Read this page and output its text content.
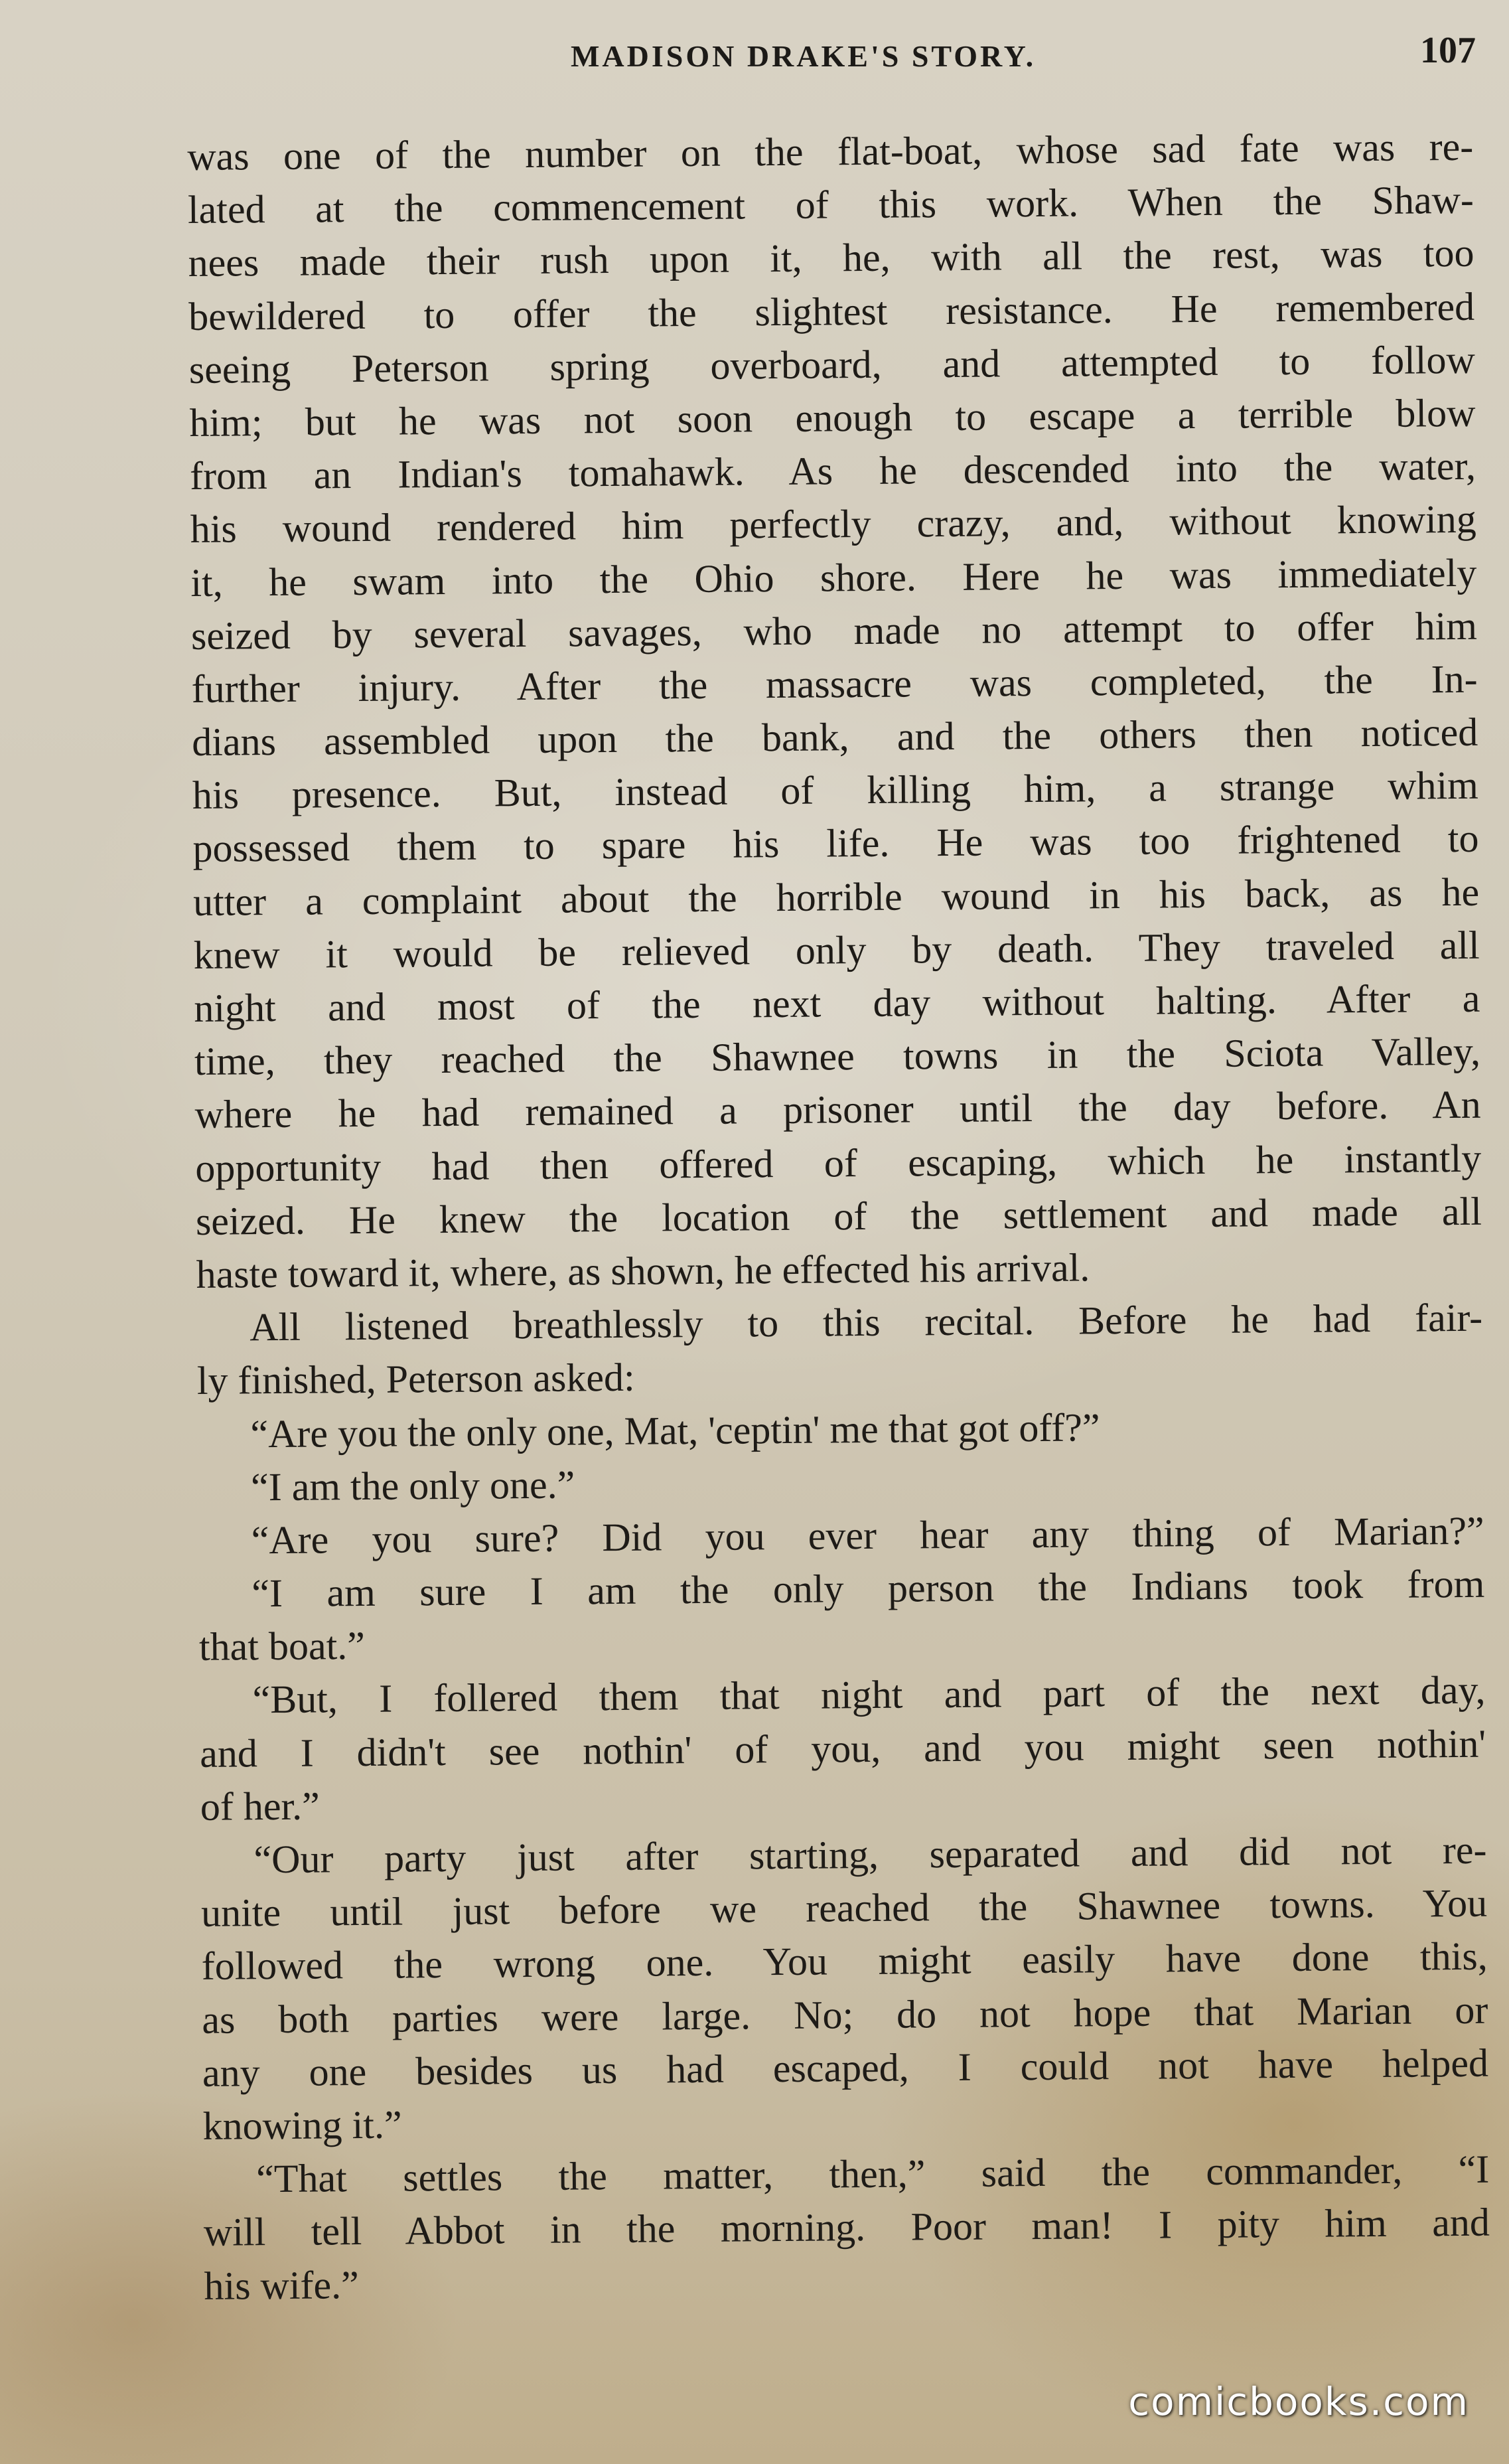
MADISON DRAKE'S STORY.	107
was one of the number on the flat-boat, whose sad fate was re-
lated at the commencement of this work. When the Shaw-
nees made their rush upon it, he, with all the rest, was too
bewildered to offer the slightest resistance. He remembered
seeing Peterson spring overboard, and attempted to follow
him; but he was not soon enough to escape a terrible blow
from an Indian's tomahawk. As he descended into the water,
his wound rendered him perfectly crazy, and, without knowing
it, he swam into the Ohio shore. Here he was immediately
seized by several savages, who made no attempt to offer him
further injury. After the massacre was completed, the In-
dians assembled upon the bank, and the others then noticed
his presence. But, instead of killing him, a strange whim
possessed them to spare his life. He was too frightened to
utter a complaint about the horrible wound in his back, as he
knew it would be relieved only by death. They traveled all
night and most of the next day without halting. After a
time, they reached the Shawnee towns in the Sciota Valley,
where he had remained a prisoner until the day before. An
opportunity had then offered of escaping, which he instantly
seized. He knew the location of the settlement and made all
haste toward it, where, as shown, he effected his arrival.
All listened breathlessly to this recital. Before he had fair-
ly finished, Peterson asked:
“Are you the only one, Mat, 'ceptin' me that got off?”
“I am the only one.”
“Are you sure? Did you ever hear any thing of Marian?”
“I am sure I am the only person the Indians took from
that boat.”
“But, I follered them that night and part of the next day,
and I didn't see nothin' of you, and you might seen nothin'
of her.”
“Our party just after starting, separated and did not re-
unite until just before we reached the Shawnee towns. You
followed the wrong one. You might easily have done this,
as both parties were large. No; do not hope that Marian or
any one besides us had escaped, I could not have helped
knowing it.”
“That settles the matter, then,” said the commander, “I
will tell Abbot in the morning. Poor man! I pity him and
his wife.”
comicbooks.com
